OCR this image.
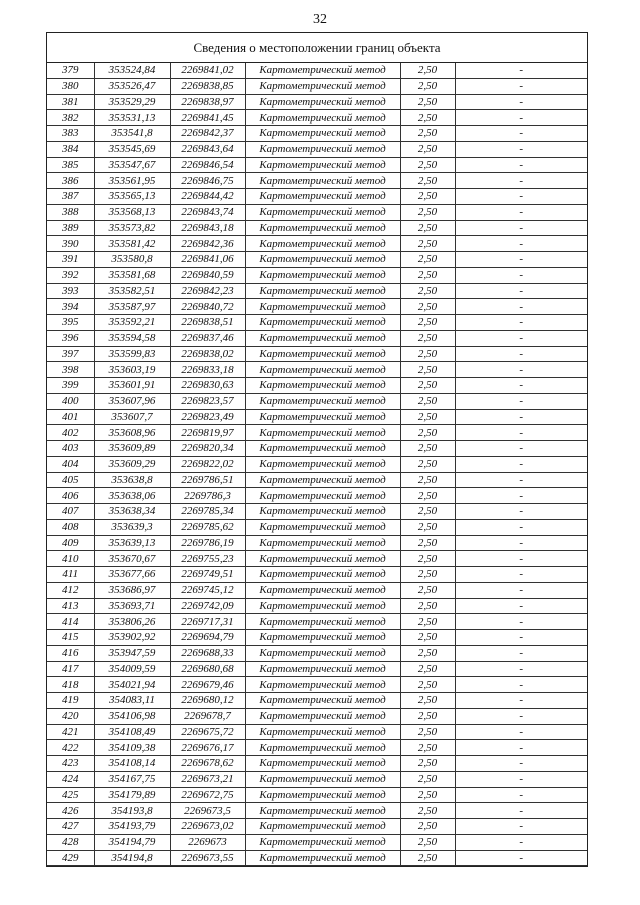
32
Сведения о местоположении границ объекта
379	353524,84	2269841,02	Картометрический метод	2,50	-
380	353526,47	2269838,85	Картометрический метод	2,50	-
381	353529,29	2269838,97	Картометрический метод	2,50	-
382	353531,13	2269841,45	Картометрический метод	2,50	-
383	353541,8	2269842,37	Картометрический метод	2,50	-
384	353545,69	2269843,64	Картометрический метод	2,50	-
385	353547,67	2269846,54	Картометрический метод	2,50	-
386	353561,95	2269846,75	Картометрический метод	2,50	-
387	353565,13	2269844,42	Картометрический метод	2,50	-
388	353568,13	2269843,74	Картометрический метод	2,50	-
389	353573,82	2269843,18	Картометрический метод	2,50	-
390	353581,42	2269842,36	Картометрический метод	2,50	-
391	353580,8	2269841,06	Картометрический метод	2,50	-
392	353581,68	2269840,59	Картометрический метод	2,50	-
393	353582,51	2269842,23	Картометрический метод	2,50	-
394	353587,97	2269840,72	Картометрический метод	2,50	-
395	353592,21	2269838,51	Картометрический метод	2,50	-
396	353594,58	2269837,46	Картометрический метод	2,50	-
397	353599,83	2269838,02	Картометрический метод	2,50	-
398	353603,19	2269833,18	Картометрический метод	2,50	-
399	353601,91	2269830,63	Картометрический метод	2,50	-
400	353607,96	2269823,57	Картометрический метод	2,50	-
401	353607,7	2269823,49	Картометрический метод	2,50	-
402	353608,96	2269819,97	Картометрический метод	2,50	-
403	353609,89	2269820,34	Картометрический метод	2,50	-
404	353609,29	2269822,02	Картометрический метод	2,50	-
405	353638,8	2269786,51	Картометрический метод	2,50	-
406	353638,06	2269786,3	Картометрический метод	2,50	-
407	353638,34	2269785,34	Картометрический метод	2,50	-
408	353639,3	2269785,62	Картометрический метод	2,50	-
409	353639,13	2269786,19	Картометрический метод	2,50	-
410	353670,67	2269755,23	Картометрический метод	2,50	-
411	353677,66	2269749,51	Картометрический метод	2,50	-
412	353686,97	2269745,12	Картометрический метод	2,50	-
413	353693,71	2269742,09	Картометрический метод	2,50	-
414	353806,26	2269717,31	Картометрический метод	2,50	-
415	353902,92	2269694,79	Картометрический метод	2,50	-
416	353947,59	2269688,33	Картометрический метод	2,50	-
417	354009,59	2269680,68	Картометрический метод	2,50	-
418	354021,94	2269679,46	Картометрический метод	2,50	-
419	354083,11	2269680,12	Картометрический метод	2,50	-
420	354106,98	2269678,7	Картометрический метод	2,50	-
421	354108,49	2269675,72	Картометрический метод	2,50	-
422	354109,38	2269676,17	Картометрический метод	2,50	-
423	354108,14	2269678,62	Картометрический метод	2,50	-
424	354167,75	2269673,21	Картометрический метод	2,50	-
425	354179,89	2269672,75	Картометрический метод	2,50	-
426	354193,8	2269673,5	Картометрический метод	2,50	-
427	354193,79	2269673,02	Картометрический метод	2,50	-
428	354194,79	2269673	Картометрический метод	2,50	-
429	354194,8	2269673,55	Картометрический метод	2,50	-
